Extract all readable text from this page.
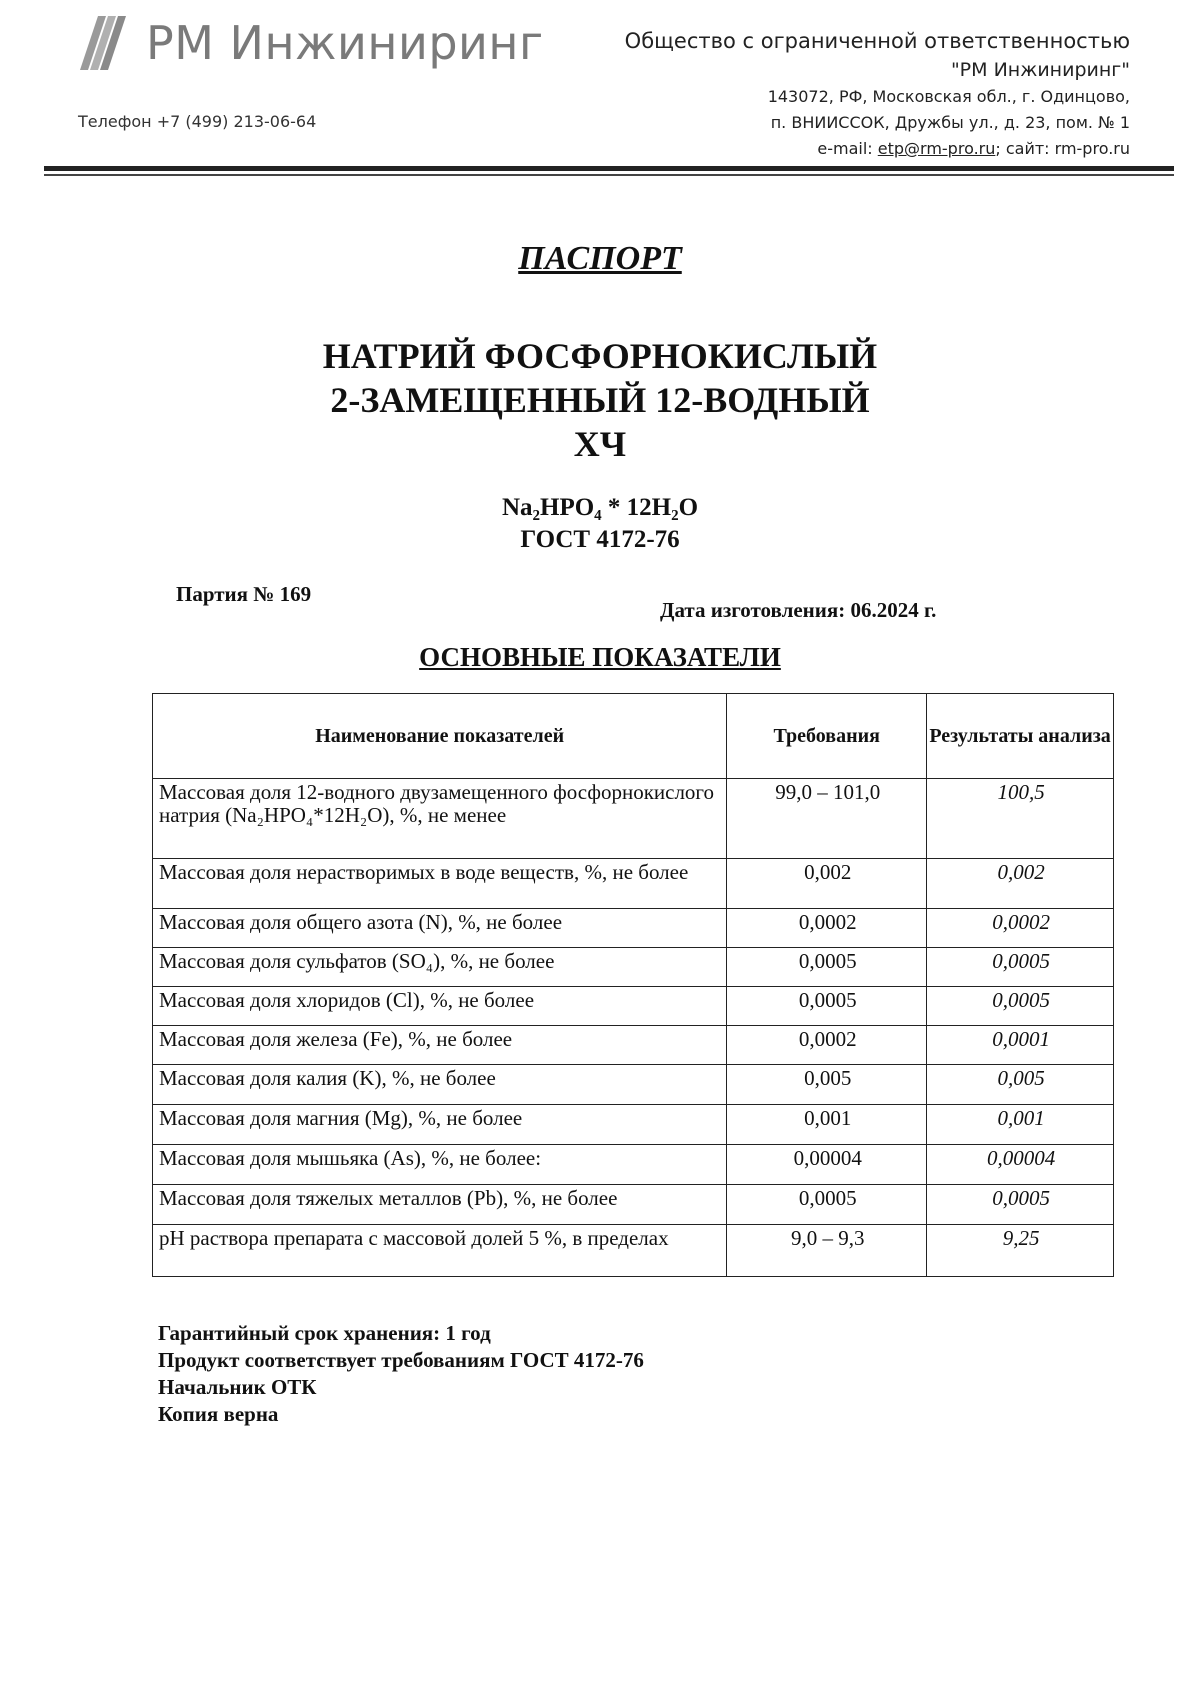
РМ Инжиниринг
Телефон +7 (499) 213-06-64
Общество с ограниченной ответственностью
"РМ Инжиниринг"
143072, РФ, Московская обл., г. Одинцово,
п. ВНИИССОК, Дружбы ул., д. 23, пом. № 1
e-mail: etp@rm-pro.ru; сайт: rm-pro.ru
ПАСПОРТ
НАТРИЙ ФОСФОРНОКИСЛЫЙ
2-ЗАМЕЩЕННЫЙ 12-ВОДНЫЙ
ХЧ
Na₂HPO₄ * 12H₂O
ГОСТ 4172-76
Партия № 169
Дата изготовления: 06.2024 г.
ОСНОВНЫЕ ПОКАЗАТЕЛИ
Наименование показателей	Требования	Результаты анализа
Массовая доля 12-водного двузамещенного фосфорнокислого натрия (Na₂HPO₄*12H₂O), %, не менее	99,0 – 101,0	100,5
Массовая доля нерастворимых в воде веществ, %, не более	0,002	0,002
Массовая доля общего азота (N), %, не более	0,0002	0,0002
Массовая доля сульфатов (SO₄), %, не более	0,0005	0,0005
Массовая доля хлоридов (Cl), %, не более	0,0005	0,0005
Массовая доля железа (Fe), %, не более	0,0002	0,0001
Массовая доля калия (K), %, не более	0,005	0,005
Массовая доля магния (Mg), %, не более	0,001	0,001
Массовая доля мышьяка (As), %, не более:	0,00004	0,00004
Массовая доля тяжелых металлов (Pb), %, не более	0,0005	0,0005
pH раствора препарата с массовой долей 5 %, в пределах	9,0 – 9,3	9,25
Гарантийный срок хранения: 1 год
Продукт соответствует требованиям ГОСТ 4172-76
Начальник ОТК
Копия верна
